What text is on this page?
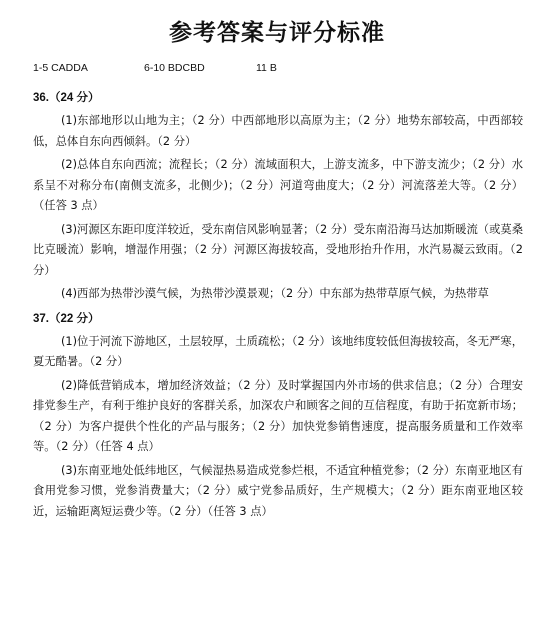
参考答案与评分标准
1-5 CADDA	6-10 BDCBD	11 B
36.（24 分）

(1)东部地形以山地为主；（2 分）中西部地形以高原为主；（2 分）地势东部较高，中西部较低，总体自东向西倾斜。（2 分）

(2)总体自东向西流；流程长；（2 分）流域面积大，上游支流多，中下游支流少；（2 分）水系呈不对称分布(南侧支流多，北侧少)；（2 分）河道弯曲度大；（2 分）河流落差大等。（2 分）（任答 3 点）

(3)河源区东距印度洋较近，受东南信风影响显著；（2 分）受东南沿海马达加斯暖流（或莫桑比克暖流）影响，增湿作用强；（2 分）河源区海拔较高，受地形抬升作用，水汽易凝云致雨。（2 分）

(4)西部为热带沙漠气候，为热带沙漠景观；（2 分）中东部为热带草原气候，为热带草

37.（22 分）

(1)位于河流下游地区，土层较厚，土质疏松；（2 分）该地纬度较低但海拔较高，冬无严寒，夏无酷暑。（2 分）

(2)降低营销成本，增加经济效益；（2 分）及时掌握国内外市场的供求信息；（2 分）合理安排党参生产，有利于维护良好的客群关系，加深农户和顾客之间的互信程度，有助于拓宽新市场；（2 分）为客户提供个性化的产品与服务；（2 分）加快党参销售速度，提高服务质量和工作效率等。（2 分）（任答 4 点）

(3)东南亚地处低纬地区，气候湿热易造成党参烂根，不适宜种植党参；（2 分）东南亚地区有食用党参习惯，党参消费量大；（2 分）威宁党参品质好，生产规模大；（2 分）距东南亚地区较近，运输距离短运费少等。（2 分）（任答 3 点）
